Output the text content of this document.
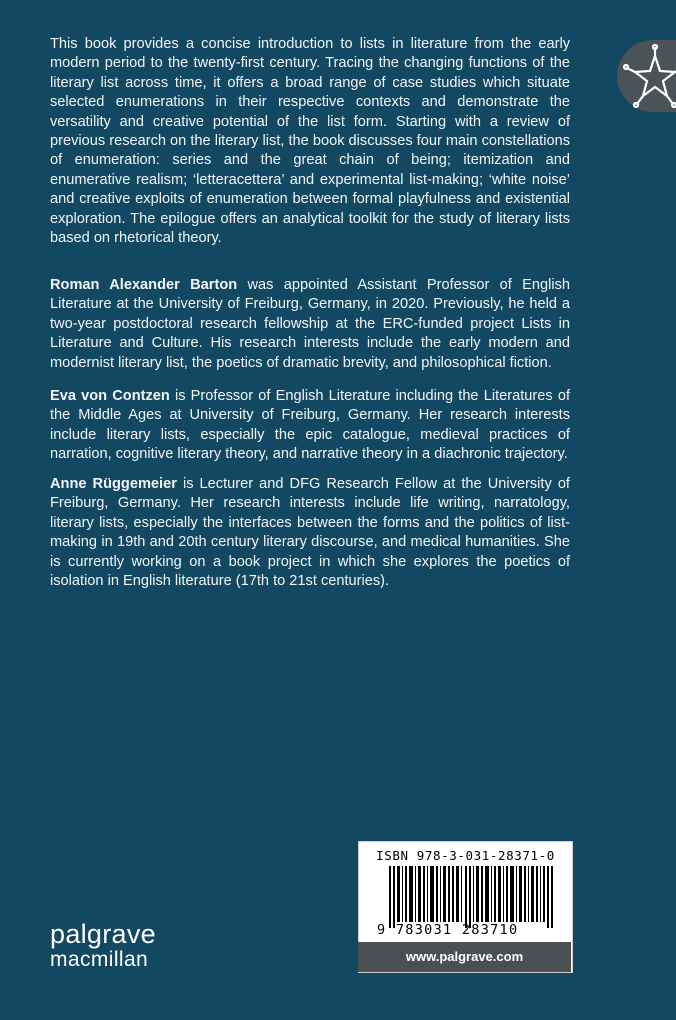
This book provides a concise introduction to lists in literature from the early modern period to the twenty-first century. Tracing the changing functions of the literary list across time, it offers a broad range of case studies which situate selected enumerations in their respective contexts and demonstrate the versatility and creative potential of the list form. Starting with a review of previous research on the literary list, the book discusses four main constellations of enumeration: series and the great chain of being; itemization and enumerative realism; ‘letteracettera’ and experimental list-making; ‘white noise’ and creative exploits of enumeration between formal playfulness and existential exploration. The epilogue offers an analytical toolkit for the study of literary lists based on rhetorical theory.

Roman Alexander Barton was appointed Assistant Professor of English Literature at the University of Freiburg, Germany, in 2020. Previously, he held a two-year postdoctoral research fellowship at the ERC-funded project Lists in Literature and Culture. His research interests include the early modern and modernist literary list, the poetics of dramatic brevity, and philosophical fiction.

Eva von Contzen is Professor of English Literature including the Literatures of the Middle Ages at University of Freiburg, Germany. Her research interests include literary lists, especially the epic catalogue, medieval practices of narration, cognitive literary theory, and narrative theory in a diachronic trajectory.

Anne Rüggemeier is Lecturer and DFG Research Fellow at the University of Freiburg, Germany. Her research interests include life writing, narratology, literary lists, especially the interfaces between the forms and the politics of list-making in 19th and 20th century literary discourse, and medical humanities. She is currently working on a book project in which she explores the poetics of isolation in English literature (17th to 21st centuries).

ISBN 978-3-031-28371-0
9 783031 283710
www.palgrave.com
palgrave
macmillan
